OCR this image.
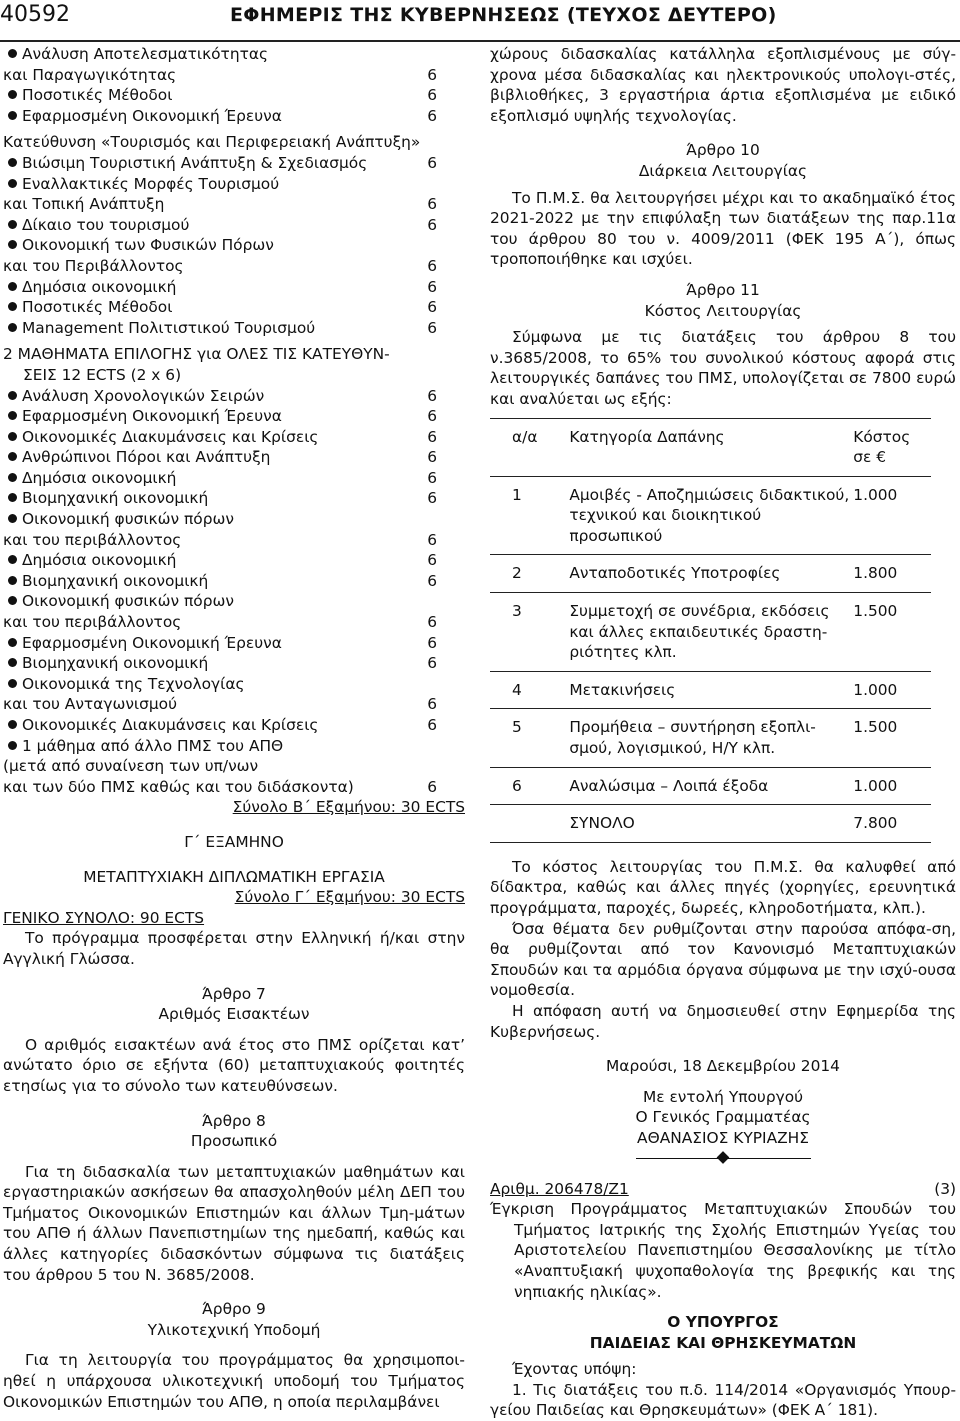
40592	ΕΦΗΜΕΡΙΣ ΤΗΣ ΚΥΒΕΡΝΗΣΕΩΣ (ΤΕΥΧΟΣ ΔΕΥΤΕΡΟ)
Ανάλυση Αποτελεσματικότητας
και Παραγωγικότητας	6
Ποσοτικές Μέθοδοι	6
Εφαρμοσμένη Οικονομική Έρευνα	6
Κατεύθυνση «Τουρισμός και Περιφερειακή Ανάπτυξη»
Βιώσιμη Τουριστική Ανάπτυξη & Σχεδιασμός	6
Εναλλακτικές Μορφές Τουρισμού
και Τοπική Ανάπτυξη	6
Δίκαιο του τουρισμού	6
Οικονομική των Φυσικών Πόρων
και του Περιβάλλοντος	6
Δημόσια οικονομική	6
Ποσοτικές Μέθοδοι	6
Management Πολιτιστικού Τουρισμού	6
2 ΜΑΘΗΜΑΤΑ ΕΠΙΛΟΓΗΣ για ΟΛΕΣ ΤΙΣ ΚΑΤΕΥΘΥΝ-
ΣΕΙΣ 12 ECTS (2 x 6)
Ανάλυση Χρονολογικών Σειρών	6
Εφαρμοσμένη Οικονομική Έρευνα	6
Οικονομικές Διακυμάνσεις και Κρίσεις	6
Ανθρώπινοι Πόροι και Ανάπτυξη	6
Δημόσια οικονομική	6
Βιομηχανική οικονομική	6
Οικονομική φυσικών πόρων
και του περιβάλλοντος	6
Δημόσια οικονομική	6
Βιομηχανική οικονομική	6
Οικονομική φυσικών πόρων
και του περιβάλλοντος	6
Εφαρμοσμένη Οικονομική Έρευνα	6
Βιομηχανική οικονομική	6
Οικονομικά της Τεχνολογίας
και του Ανταγωνισμού	6
Οικονομικές Διακυμάνσεις και Κρίσεις	6
1 μάθημα από άλλο ΠΜΣ του ΑΠΘ
(μετά από συναίνεση των υπ/νων
και των δύο ΠΜΣ καθώς και του διδάσκοντα)	6
Σύνολο Β΄ Εξαμήνου: 30 ECTS
Γ΄ ΕΞΑΜΗΝΟ
ΜΕΤΑΠΤΥΧΙΑΚΗ ΔΙΠΛΩΜΑΤΙΚΗ ΕΡΓΑΣΙΑ
Σύνολο Γ΄ Εξαμήνου: 30 ECTS
ΓΕΝΙΚΟ ΣΥΝΟΛΟ: 90 ECTS

Το πρόγραμμα προσφέρεται στην Ελληνική ή/και στην Αγγλική Γλώσσα.

Άρθρο 7

Αριθμός Εισακτέων

Ο αριθμός εισακτέων ανά έτος στο ΠΜΣ ορίζεται κατ’ ανώτατο όριο σε εξήντα (60) μεταπτυχιακούς φοιτητές ετησίως για το σύνολο των κατευθύνσεων.

Άρθρο 8

Προσωπικό

Για τη διδασκαλία των μεταπτυχιακών μαθημάτων και εργαστηριακών ασκήσεων θα απασχοληθούν μέλη ΔΕΠ του Τμήματος Οικονομικών Επιστημών και άλλων Τμη-μάτων του ΑΠΘ ή άλλων Πανεπιστημίων της ημεδαπή, καθώς και άλλες κατηγορίες διδασκόντων σύμφωνα τις διατάξεις του άρθρου 5 του Ν. 3685/2008.

Άρθρο 9

Υλικοτεχνική Υποδομή

Για τη λειτουργία του προγράμματος θα χρησιμοποι-ηθεί η υπάρχουσα υλικοτεχνική υποδομή του Τμήματος Οικονομικών Επιστημών του ΑΠΘ, η οποία περιλαμβάνει

χώρους διδασκαλίας κατάλληλα εξοπλισμένους με σύγ-χρονα μέσα διδασκαλίας και ηλεκτρονικούς υπολογι-στές, βιβλιοθήκες, 3 εργαστήρια άρτια εξοπλισμένα με ειδικό εξοπλισμό υψηλής τεχνολογίας.

Άρθρο 10

Διάρκεια Λειτουργίας

Το Π.Μ.Σ. θα λειτουργήσει μέχρι και το ακαδημαϊκό έτος 2021-2022 με την επιφύλαξη των διατάξεων της παρ.11α του άρθρου 80 του ν. 4009/2011 (ΦΕΚ 195 Α΄), όπως τροποποιήθηκε και ισχύει.

Άρθρο 11

Κόστος Λειτουργίας

Σύμφωνα με τις διατάξεις του άρθρου 8 του ν.3685/2008, το 65% του συνολικού κόστους αφορά στις λειτουργικές δαπάνες του ΠΜΣ, υπολογίζεται σε 7800 ευρώ και αναλύεται ως εξής:

α/α	Κατηγορία Δαπάνης	Κόστος
σε €
1	Αμοιβές - Αποζημιώσεις διδακτικού, τεχνικού και διοικητικού προσωπικού	1.000
2	Ανταποδοτικές Υποτροφίες	1.800
3	Συμμετοχή σε συνέδρια, εκδόσεις και άλλες εκπαιδευτικές δραστη-ριότητες κλπ.	1.500
4	Μετακινήσεις	1.000
5	Προμήθεια – συντήρηση εξοπλι-σμού, λογισμικού, Η/Υ κλπ.	1.500
6	Αναλώσιμα – Λοιπά έξοδα	1.000
	ΣΥΝΟΛΟ	7.800

Το κόστος λειτουργίας του Π.Μ.Σ. θα καλυφθεί από δίδακτρα, καθώς και άλλες πηγές (χορηγίες, ερευνητικά προγράμματα, παροχές, δωρεές, κληροδοτήματα, κλπ.).

Όσα θέματα δεν ρυθμίζονται στην παρούσα απόφα-ση, θα ρυθμίζονται από τον Κανονισμό Μεταπτυχιακών Σπουδών και τα αρμόδια όργανα σύμφωνα με την ισχύ-ουσα νομοθεσία.

Η απόφαση αυτή να δημοσιευθεί στην Εφημερίδα της Κυβερνήσεως.

Μαρούσι, 18 Δεκεμβρίου 2014

Με εντολή Υπουργού

Ο Γενικός Γραμματέας

ΑΘΑΝΑΣΙΟΣ ΚΥΡΙΑΖΗΣ

Αριθμ. 206478/Ζ1	(3)

Έγκριση Προγράμματος Μεταπτυχιακών Σπουδών του Τμήματος Ιατρικής της Σχολής Επιστημών Υγείας του Αριστοτελείου Πανεπιστημίου Θεσσαλονίκης με τίτλο «Αναπτυξιακή ψυχοπαθολογία της βρεφικής και της νηπιακής ηλικίας».

Ο ΥΠΟΥΡΓΟΣ

ΠΑΙΔΕΙΑΣ ΚΑΙ ΘΡΗΣΚΕΥΜΑΤΩΝ

Έχοντας υπόψη:

1. Τις διατάξεις του π.δ. 114/2014 «Οργανισμός Υπουρ-γείου Παιδείας και Θρησκευμάτων» (ΦΕΚ Α΄ 181).
